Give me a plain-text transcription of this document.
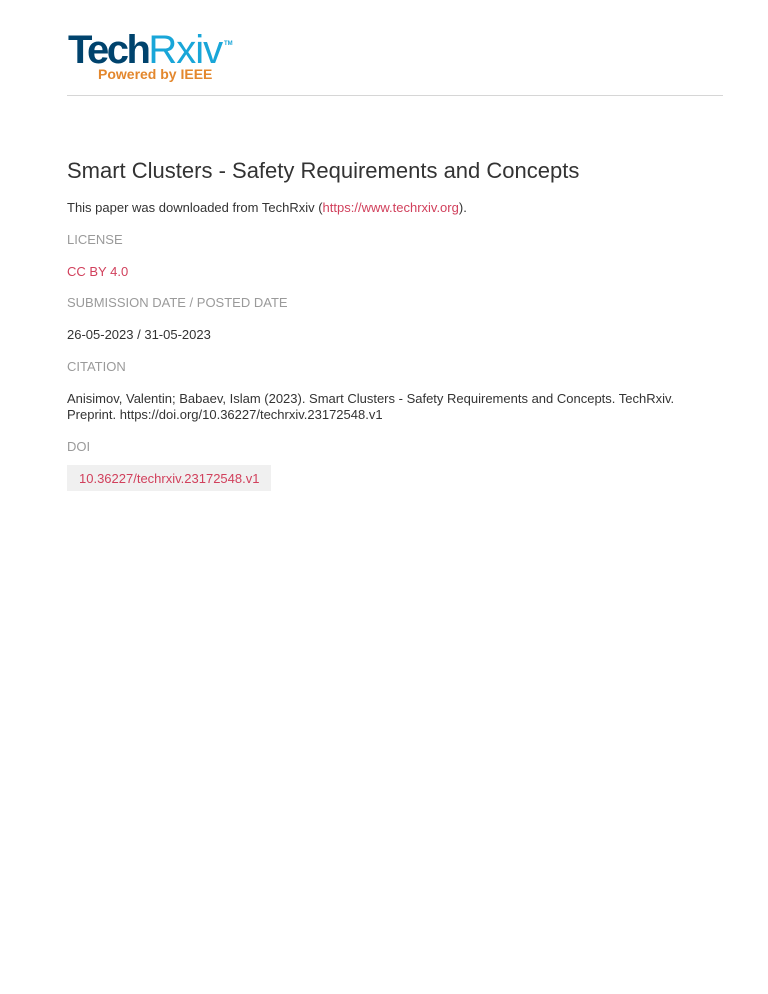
TechRxiv TM
Powered by IEEE
Smart Clusters - Safety Requirements and Concepts
This paper was downloaded from TechRxiv (https://www.techrxiv.org).
LICENSE
CC BY 4.0
SUBMISSION DATE / POSTED DATE
26-05-2023 / 31-05-2023
CITATION
Anisimov, Valentin; Babaev, Islam (2023). Smart Clusters - Safety Requirements and Concepts. TechRxiv. Preprint. https://doi.org/10.36227/techrxiv.23172548.v1
DOI
10.36227/techrxiv.23172548.v1
